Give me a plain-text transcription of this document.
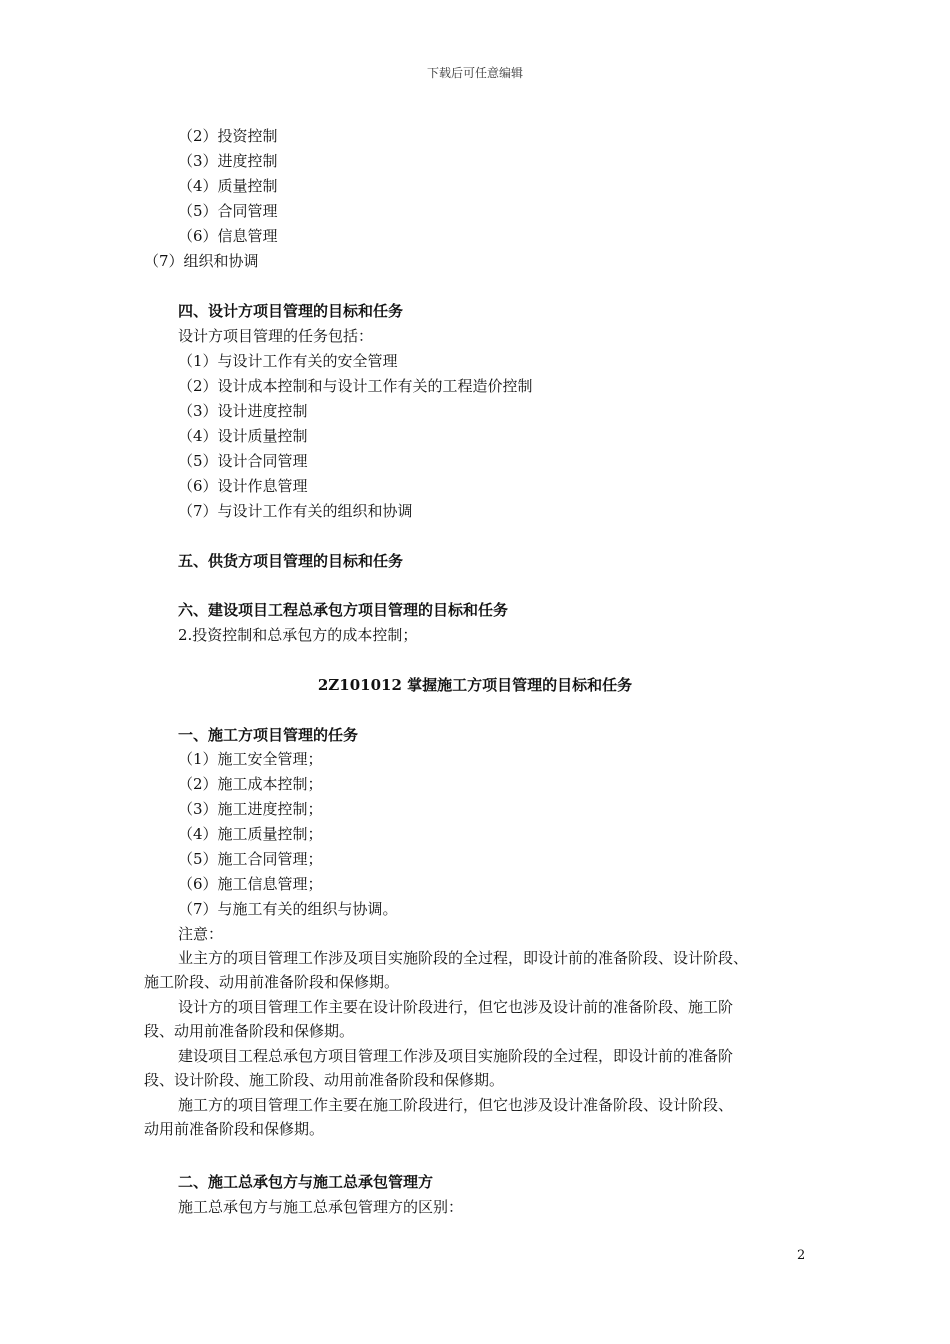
下载后可任意编辑
（2）投资控制
（3）进度控制
（4）质量控制
（5）合同管理
（6）信息管理
（7）组织和协调
四、设计方项目管理的目标和任务
设计方项目管理的任务包括：
（1）与设计工作有关的安全管理
（2）设计成本控制和与设计工作有关的工程造价控制
（3）设计进度控制
（4）设计质量控制
（5）设计合同管理
（6）设计作息管理
（7）与设计工作有关的组织和协调
五、供货方项目管理的目标和任务
六、建设项目工程总承包方项目管理的目标和任务
2.投资控制和总承包方的成本控制；
2Z101012 掌握施工方项目管理的目标和任务
一、施工方项目管理的任务
（1）施工安全管理；
（2）施工成本控制；
（3）施工进度控制；
（4）施工质量控制；
（5）施工合同管理；
（6）施工信息管理；
（7）与施工有关的组织与协调。
注意：
业主方的项目管理工作涉及项目实施阶段的全过程，即设计前的准备阶段、设计阶段、
施工阶段、动用前准备阶段和保修期。
设计方的项目管理工作主要在设计阶段进行，但它也涉及设计前的准备阶段、施工阶
段、动用前准备阶段和保修期。
建设项目工程总承包方项目管理工作涉及项目实施阶段的全过程，即设计前的准备阶
段、设计阶段、施工阶段、动用前准备阶段和保修期。
施工方的项目管理工作主要在施工阶段进行，但它也涉及设计准备阶段、设计阶段、
动用前准备阶段和保修期。
二、施工总承包方与施工总承包管理方
施工总承包方与施工总承包管理方的区别：
2
